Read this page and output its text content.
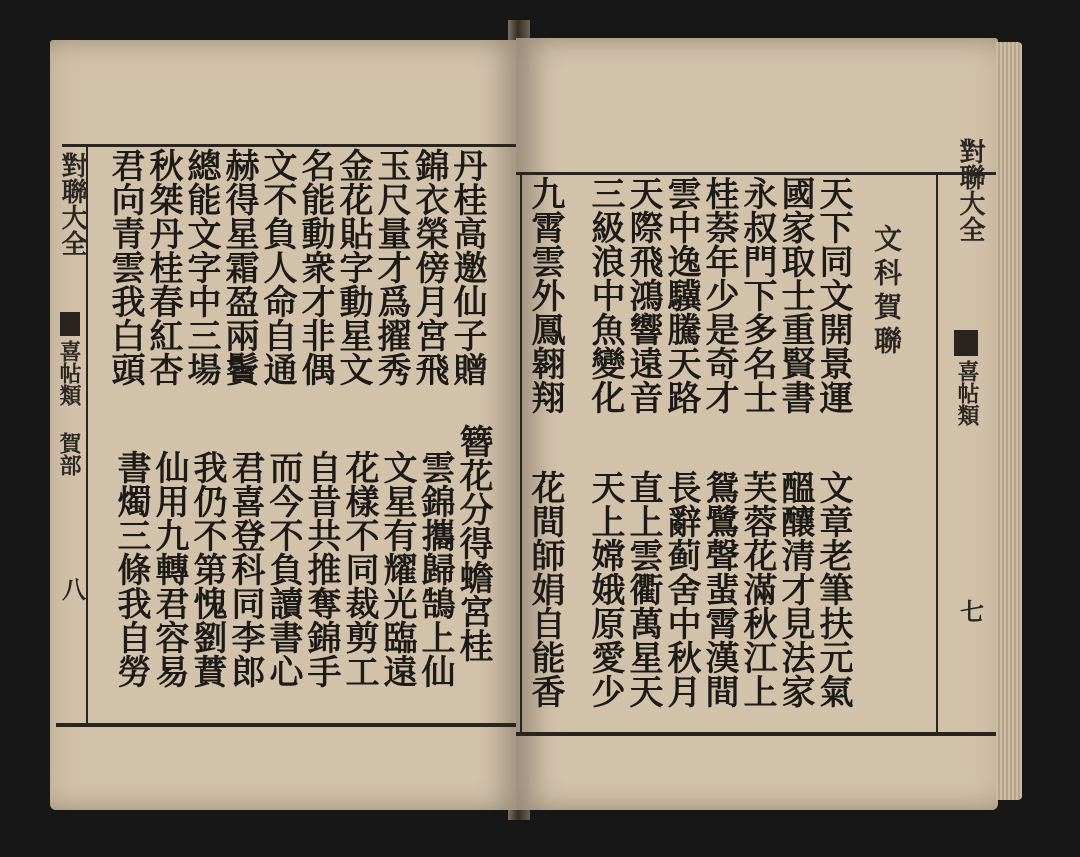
對聯大全
喜帖類 賀部
八
丹桂高邀仙子贈
錦衣榮傍月宮飛
玉尺量才爲擢秀
金花貼字動星文
名能動衆才非偶
文不負人命自通
赫得星霜盈兩鬢
總能文字中三場
秋桀丹桂春紅杏
君向青雲我白頭
簪花分得蟾宮桂
雲錦攜歸鵠上仙
文星有耀光臨遠
花樣不同裁剪工
自昔共推奪錦手
而今不負讀書心
君喜登科同李郎
我仍不第愧劉蕡
仙用九轉君容易
書燭三條我自勞
對聯大全
喜帖類
七
文科賀聯
天下同文開景運
國家取士重賢書
永叔門下多名士
桂萘年少是奇才
雲中逸驥騰天路
天際飛鴻響遠音
三級浪中魚變化
九霄雲外鳳翱翔
文章老筆扶元氣
醞釀清才見法家
芙蓉花滿秋江上
鴛鷺聲蜚霄漢間
長辭蓟舍中秋月
直上雲衢萬星天
天上嫦娥原愛少
花間師娟自能香
